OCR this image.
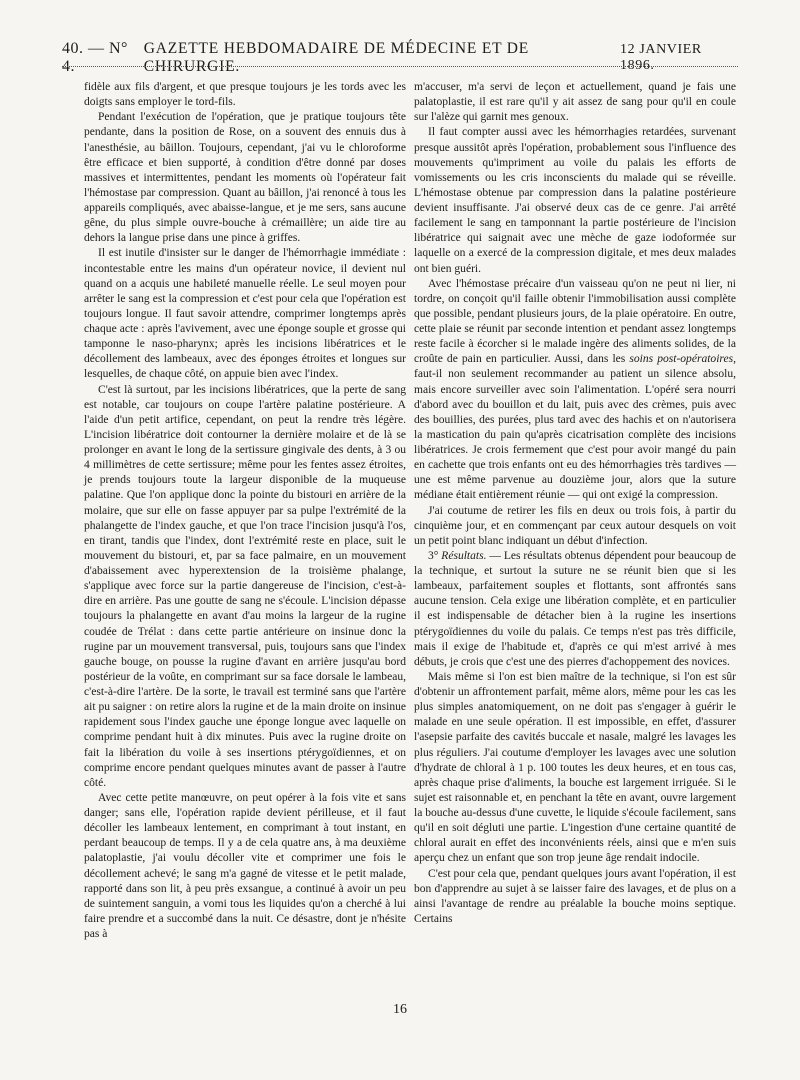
40. — N° 4.
GAZETTE HEBDOMADAIRE DE MÉDECINE ET DE CHIRURGIE.
12 JANVIER 1896.

fidèle aux fils d'argent, et que presque toujours je les tords avec les doigts sans employer le tord-fils.

Pendant l'exécution de l'opération, que je pratique toujours tête pendante, dans la position de Rose, on a souvent des ennuis dus à l'anesthésie, au bâillon. Toujours, cependant, j'ai vu le chloroforme être efficace et bien supporté, à condition d'être donné par doses massives et intermittentes, pendant les moments où l'opérateur fait l'hémostase par compression. Quant au bâillon, j'ai renoncé à tous les appareils compliqués, avec abaisse-langue, et je me sers, sans aucune gêne, du plus simple ouvre-bouche à crémaillère; un aide tire au dehors la langue prise dans une pince à griffes.

Il est inutile d'insister sur le danger de l'hémorrhagie immédiate : incontestable entre les mains d'un opérateur novice, il devient nul quand on a acquis une habileté manuelle réelle. Le seul moyen pour arrêter le sang est la compression et c'est pour cela que l'opération est toujours longue. Il faut savoir attendre, comprimer longtemps après chaque acte : après l'avivement, avec une éponge souple et grosse qui tamponne le naso-pharynx; après les incisions libératrices et le décollement des lambeaux, avec des éponges étroites et longues sur lesquelles, de chaque côté, on appuie bien avec l'index.

C'est là surtout, par les incisions libératrices, que la perte de sang est notable, car toujours on coupe l'artère palatine postérieure. A l'aide d'un petit artifice, cependant, on peut la rendre très légère. L'incision libératrice doit contourner la dernière molaire et de là se prolonger en avant le long de la sertissure gingivale des dents, à 3 ou 4 millimètres de cette sertissure; même pour les fentes assez étroites, je prends toujours toute la largeur disponible de la muqueuse palatine. Que l'on applique donc la pointe du bistouri en arrière de la molaire, que sur elle on fasse appuyer par sa pulpe l'extrémité de la phalangette de l'index gauche, et que l'on trace l'incision jusqu'à l'os, en tirant, tandis que l'index, dont l'extrémité reste en place, suit le mouvement du bistouri, et, par sa face palmaire, en un mouvement d'abaissement avec hyperextension de la troisième phalange, s'applique avec force sur la partie dangereuse de l'incision, c'est-à-dire en arrière. Pas une goutte de sang ne s'écoule. L'incision dépasse toujours la phalangette en avant d'au moins la largeur de la rugine coudée de Trélat : dans cette partie antérieure on insinue donc la rugine par un mouvement transversal, puis, toujours sans que l'index gauche bouge, on pousse la rugine d'avant en arrière jusqu'au bord postérieur de la voûte, en comprimant sur sa face dorsale le lambeau, c'est-à-dire l'artère. De la sorte, le travail est terminé sans que l'artère ait pu saigner : on retire alors la rugine et de la main droite on insinue rapidement sous l'index gauche une éponge longue avec laquelle on comprime pendant huit à dix minutes. Puis avec la rugine droite on fait la libération du voile à ses insertions ptérygoïdiennes, et on comprime encore pendant quelques minutes avant de passer à l'autre côté.

Avec cette petite manœuvre, on peut opérer à la fois vite et sans danger; sans elle, l'opération rapide devient périlleuse, et il faut décoller les lambeaux lentement, en comprimant à tout instant, en perdant beaucoup de temps. Il y a de cela quatre ans, à ma deuxième palatoplastie, j'ai voulu décoller vite et comprimer une fois le décollement achevé; le sang m'a gagné de vitesse et le petit malade, rapporté dans son lit, à peu près exsangue, a continué à avoir un peu de suintement sanguin, a vomi tous les liquides qu'on a cherché à lui faire prendre et a succombé dans la nuit. Ce désastre, dont je n'hésite pas à

m'accuser, m'a servi de leçon et actuellement, quand je fais une palatoplastie, il est rare qu'il y ait assez de sang pour qu'il en coule sur l'alèze qui garnit mes genoux.

Il faut compter aussi avec les hémorrhagies retardées, survenant presque aussitôt après l'opération, probablement sous l'influence des mouvements qu'impriment au voile du palais les efforts de vomissements ou les cris inconscients du malade qui se réveille. L'hémostase obtenue par compression dans la palatine postérieure devient insuffisante. J'ai observé deux cas de ce genre. J'ai arrêté facilement le sang en tamponnant la partie postérieure de l'incision libératrice qui saignait avec une mèche de gaze iodoformée sur laquelle on a exercé de la compression digitale, et mes deux malades ont bien guéri.

Avec l'hémostase précaire d'un vaisseau qu'on ne peut ni lier, ni tordre, on conçoit qu'il faille obtenir l'immobilisation aussi complète que possible, pendant plusieurs jours, de la plaie opératoire. En outre, cette plaie se réunit par seconde intention et pendant assez longtemps reste facile à écorcher si le malade ingère des aliments solides, de la croûte de pain en particulier. Aussi, dans les soins post-opératoires, faut-il non seulement recommander au patient un silence absolu, mais encore surveiller avec soin l'alimentation. L'opéré sera nourri d'abord avec du bouillon et du lait, puis avec des crèmes, puis avec des bouillies, des purées, plus tard avec des hachis et on n'autorisera la mastication du pain qu'après cicatrisation complète des incisions libératrices. Je crois fermement que c'est pour avoir mangé du pain en cachette que trois enfants ont eu des hémorrhagies très tardives — une est même parvenue au douzième jour, alors que la suture médiane était entièrement réunie — qui ont exigé la compression.

J'ai coutume de retirer les fils en deux ou trois fois, à partir du cinquième jour, et en commençant par ceux autour desquels on voit un petit point blanc indiquant un début d'infection.

3° Résultats. — Les résultats obtenus dépendent pour beaucoup de la technique, et surtout la suture ne se réunit bien que si les lambeaux, parfaitement souples et flottants, sont affrontés sans aucune tension. Cela exige une libération complète, et en particulier il est indispensable de détacher bien à la rugine les insertions ptérygoïdiennes du voile du palais. Ce temps n'est pas très difficile, mais il exige de l'habitude et, d'après ce qui m'est arrivé à mes débuts, je crois que c'est une des pierres d'achoppement des novices.

Mais même si l'on est bien maître de la technique, si l'on est sûr d'obtenir un affrontement parfait, même alors, même pour les cas les plus simples anatomiquement, on ne doit pas s'engager à guérir le malade en une seule opération. Il est impossible, en effet, d'assurer l'asepsie parfaite des cavités buccale et nasale, malgré les lavages les plus réguliers. J'ai coutume d'employer les lavages avec une solution d'hydrate de chloral à 1 p. 100 toutes les deux heures, et en tous cas, après chaque prise d'aliments, la bouche est largement irriguée. Si le sujet est raisonnable et, en penchant la tête en avant, ouvre largement la bouche au-dessus d'une cuvette, le liquide s'écoule facilement, sans qu'il en soit dégluti une partie. L'ingestion d'une certaine quantité de chloral aurait en effet des inconvénients réels, ainsi que e m'en suis aperçu chez un enfant que son trop jeune âge rendait indocile.

C'est pour cela que, pendant quelques jours avant l'opération, il est bon d'apprendre au sujet à se laisser faire des lavages, et de plus on a ainsi l'avantage de rendre au préalable la bouche moins septique. Certains

16
